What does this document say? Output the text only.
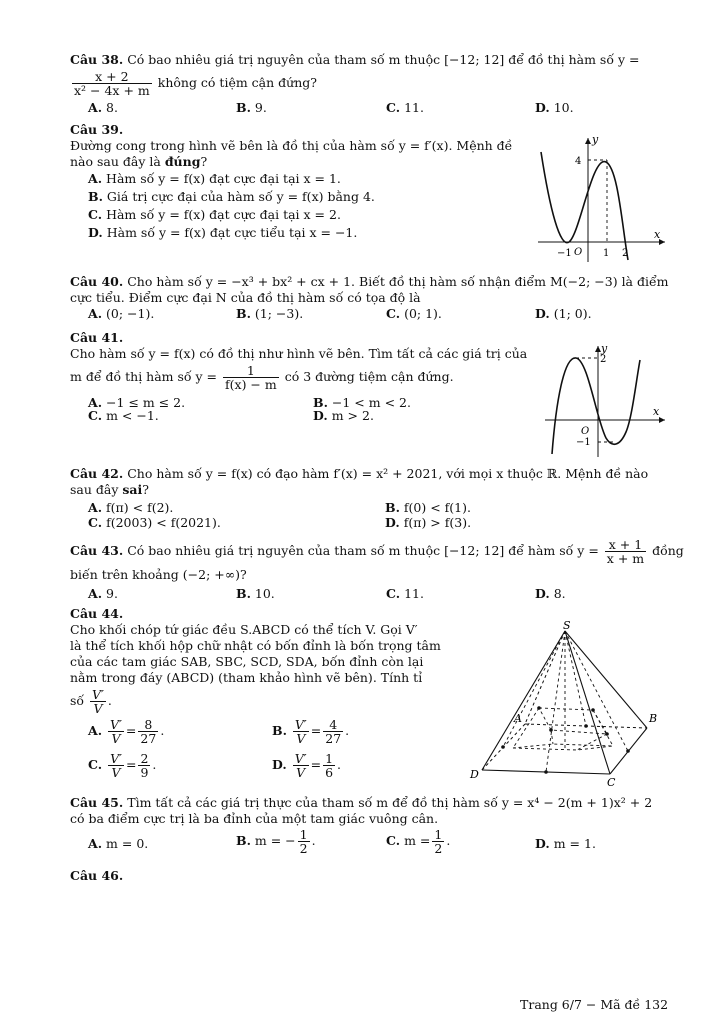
Câu 38. Có bao nhiêu giá trị nguyên của tham số m thuộc [−12; 12] để đồ thị hàm số y =
$\frac{x + 2}{\text{x² − 4x + m}}$ không có tiệm cận đứng?
A. 8.	B. 9.	C. 11.	D. 10.
Câu 39.
Đường cong trong hình vẽ bên là đồ thị của hàm số y = f′(x). Mệnh đề
nào sau đây là đúng?
A. Hàm số y = f(x) đạt cực đại tại x = 1.
B. Giá trị cực đại của hàm số y = f(x) bằng 4.
C. Hàm số y = f(x) đạt cực đại tại x = 2.
D. Hàm số y = f(x) đạt cực tiểu tại x = −1.
y
x
4
−1 O 1 2
Câu 40. Cho hàm số y = −x³ + bx² + cx + 1. Biết đồ thị hàm số nhận điểm M(−2; −3) là điểm
cực tiểu. Điểm cực đại N của đồ thị hàm số có tọa độ là
A. (0; −1).	B. (1; −3).	C. (0; 1).	D. (1; 0).
Câu 41.
Cho hàm số y = f(x) có đồ thị như hình vẽ bên. Tìm tất cả các giá trị của
m để đồ thị hàm số $y = \frac{1}{f(x) - m}$ có 3 đường tiệm cận đứng.
A. −1 ≤ m ≤ 2.	B. −1 < m < 2.
C. m < −1.	D. m > 2.
y
x
2
O
−1
Câu 42. Cho hàm số y = f(x) có đạo hàm f′(x) = x² + 2021, với mọi x thuộc ℝ. Mệnh đề nào
sau đây sai?
A. f(π) < f(2).	B. f(0) < f(1).
C. f(2003) < f(2021).	D. f(π) > f(3).
Câu 43. Có bao nhiêu giá trị nguyên của tham số m thuộc [−12; 12] để hàm số $y = \frac{x + 1}{x + m}$ đồng
biến trên khoảng (−2; +∞)?
A. 9.	B. 10.	C. 11.	D. 8.
Câu 44.
Cho khối chóp tứ giác đều S.ABCD có thể tích V. Gọi V′
là thể tích khối hộp chữ nhật có bốn đỉnh là bốn trọng tâm
của các tam giác SAB, SBC, SCD, SDA, bốn đỉnh còn lại
nằm trong đáy (ABCD) (tham khảo hình vẽ bên). Tính tỉ
số $\frac{V'}{V}$ .
A. $\frac{V'}{V} = \frac{8}{27}$ .	B. $\frac{V'}{V} = \frac{4}{27}$ .
C. $\frac{V'}{V} = \frac{2}{9}$ .	D. $\frac{V'}{V} = \frac{1}{6}$ .
S
A	B
C
D
Câu 45. Tìm tất cả các giá trị thực của tham số m để đồ thị hàm số y = x⁴ − 2(m + 1)x² + 2
có ba điểm cực trị là ba đỉnh của một tam giác vuông cân.
A. m = 0.	B. m = − $\frac{1}{2}$ .	C. $m = \frac{1}{2}$ .	D. m = 1.
Câu 46.
Trang 6/7 − Mã đề 132
